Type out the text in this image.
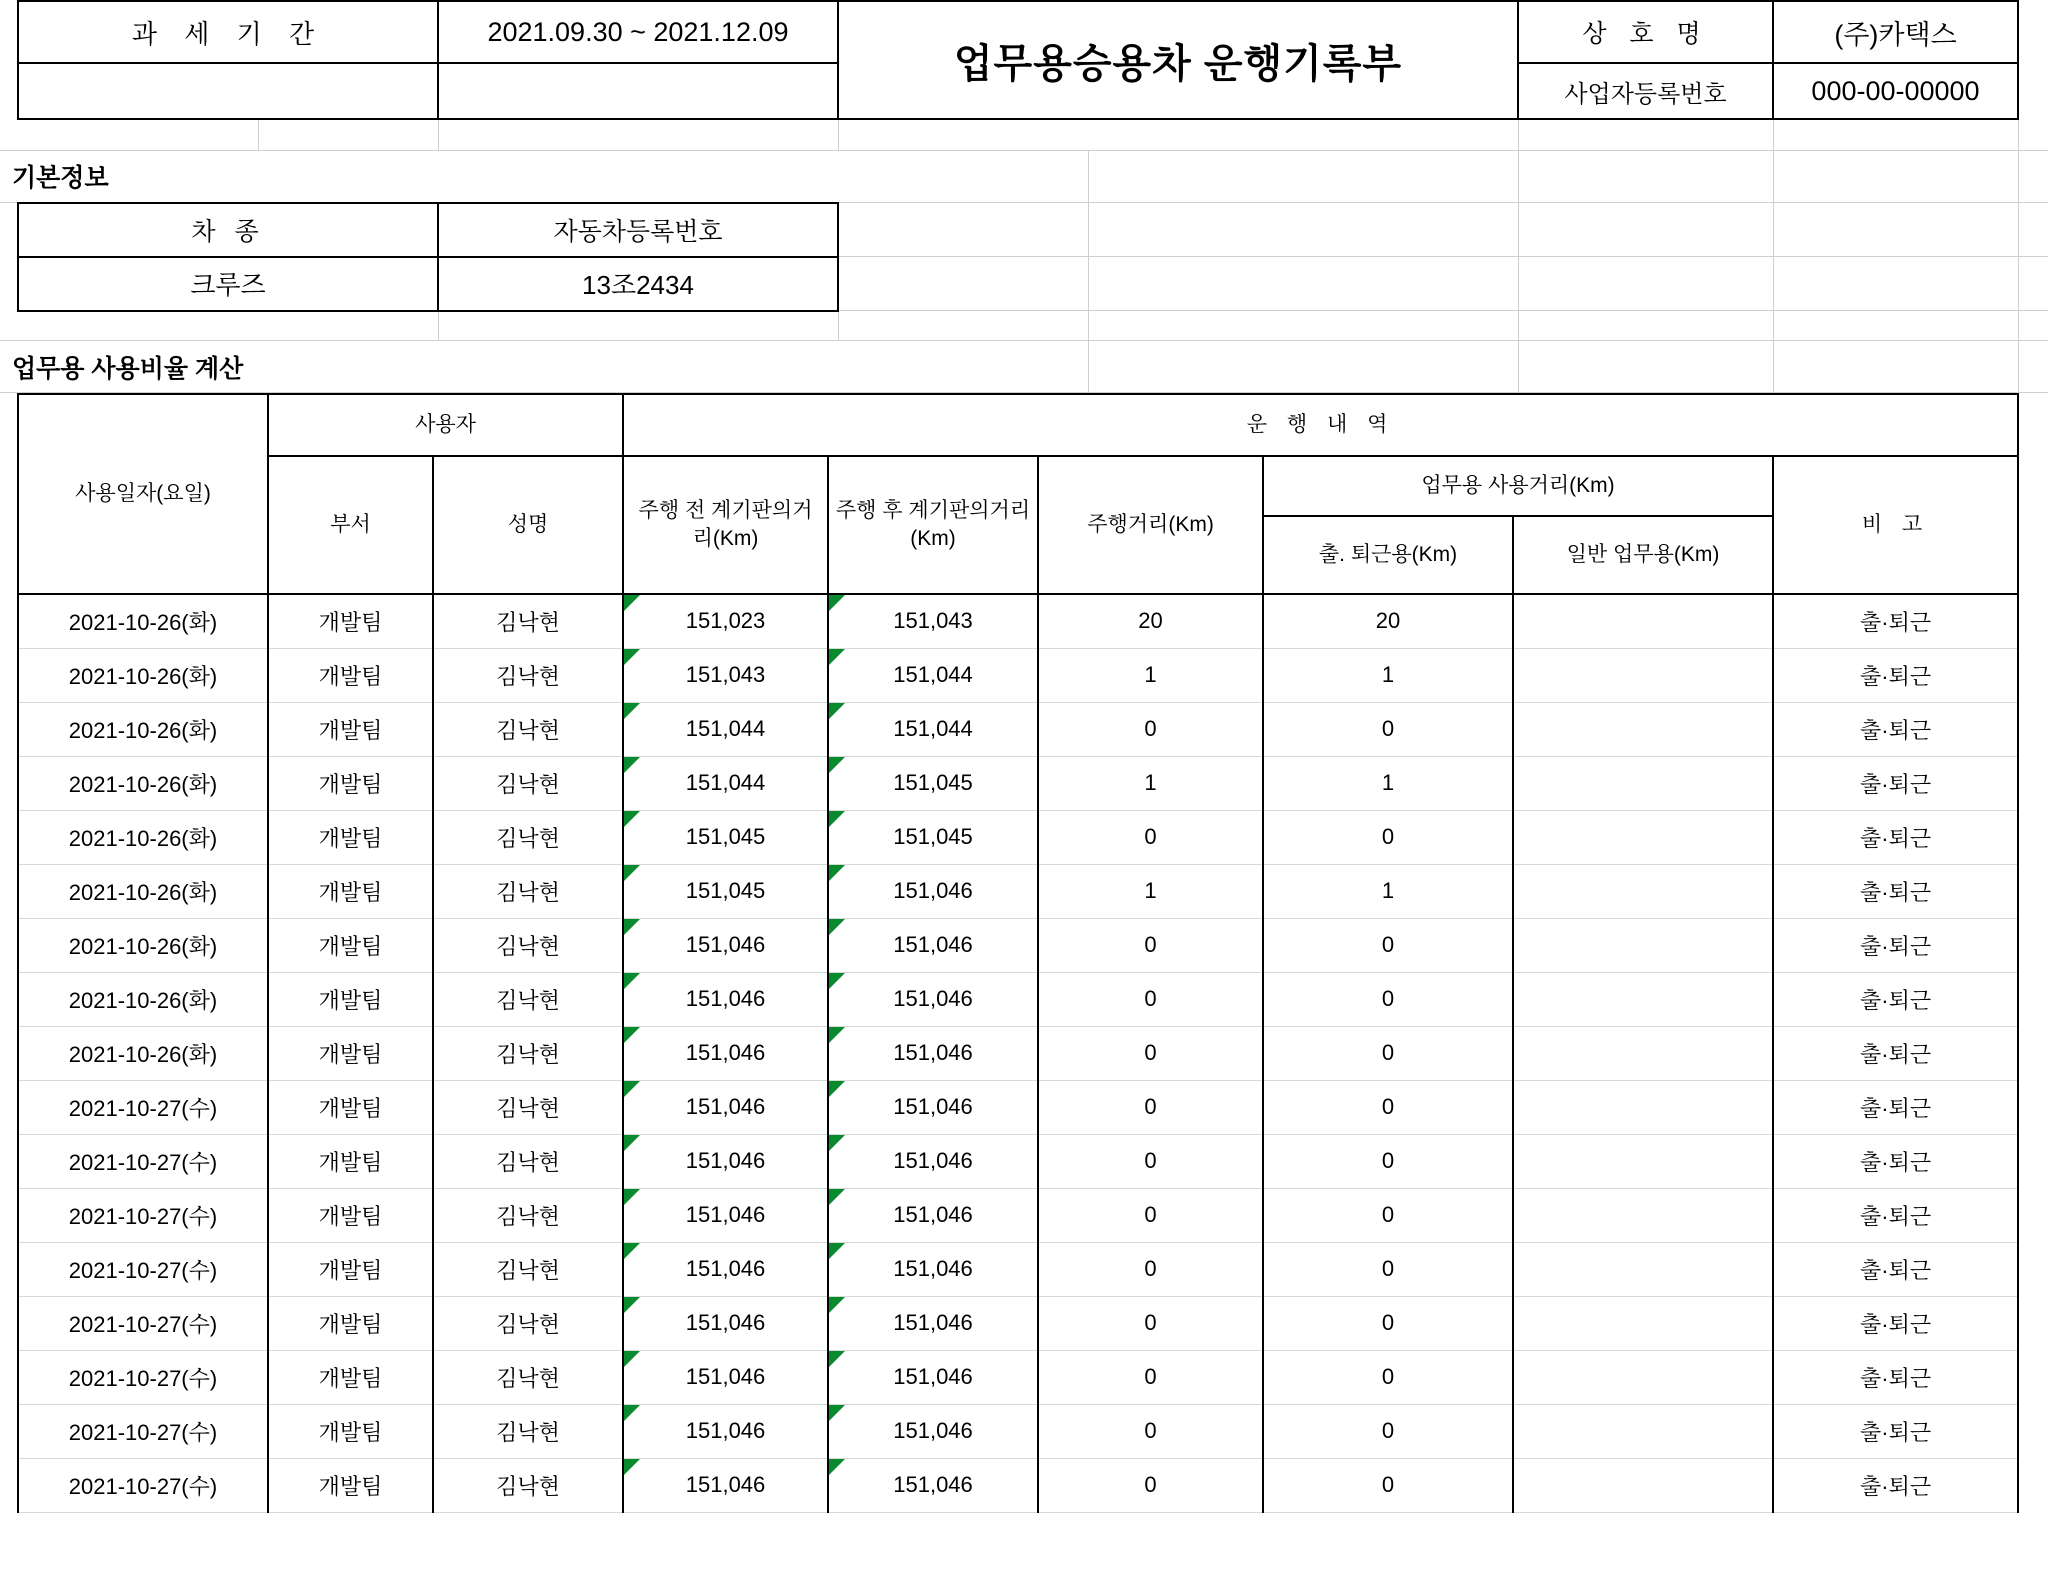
	과 세 기 간	2021.09.30 ~ 2021.12.09	업무용승용차 운행기록부	상 호 명	(주)카택스	
				사업자등록번호	000-00-00000	

기본정보							
	차 종	자동차등록번호					
	크루즈	13조2434					

업무용 사용비율 계산							
	사용일자(요일)	사용자		운 행 내 역						
		부서	성명	주행 전 계기판의거리(Km)	주행 후 계기판의거리(Km)	주행거리(Km)	업무용 사용거리(Km)		비 고	
							출. 퇴근용(Km)	일반 업무용(Km)		
	2021-10-26(화)	개발팀	김낙현	151,023	151,043	20	20		출·퇴근	
	2021-10-26(화)	개발팀	김낙현	151,043	151,044	1	1		출·퇴근	
	2021-10-26(화)	개발팀	김낙현	151,044	151,044	0	0		출·퇴근	
	2021-10-26(화)	개발팀	김낙현	151,044	151,045	1	1		출·퇴근	
	2021-10-26(화)	개발팀	김낙현	151,045	151,045	0	0		출·퇴근	
	2021-10-26(화)	개발팀	김낙현	151,045	151,046	1	1		출·퇴근	
	2021-10-26(화)	개발팀	김낙현	151,046	151,046	0	0		출·퇴근	
	2021-10-26(화)	개발팀	김낙현	151,046	151,046	0	0		출·퇴근	
	2021-10-26(화)	개발팀	김낙현	151,046	151,046	0	0		출·퇴근	
	2021-10-27(수)	개발팀	김낙현	151,046	151,046	0	0		출·퇴근	
	2021-10-27(수)	개발팀	김낙현	151,046	151,046	0	0		출·퇴근	
	2021-10-27(수)	개발팀	김낙현	151,046	151,046	0	0		출·퇴근	
	2021-10-27(수)	개발팀	김낙현	151,046	151,046	0	0		출·퇴근	
	2021-10-27(수)	개발팀	김낙현	151,046	151,046	0	0		출·퇴근	
	2021-10-27(수)	개발팀	김낙현	151,046	151,046	0	0		출·퇴근	
	2021-10-27(수)	개발팀	김낙현	151,046	151,046	0	0		출·퇴근	
	2021-10-27(수)	개발팀	김낙현	151,046	151,046	0	0		출·퇴근	
